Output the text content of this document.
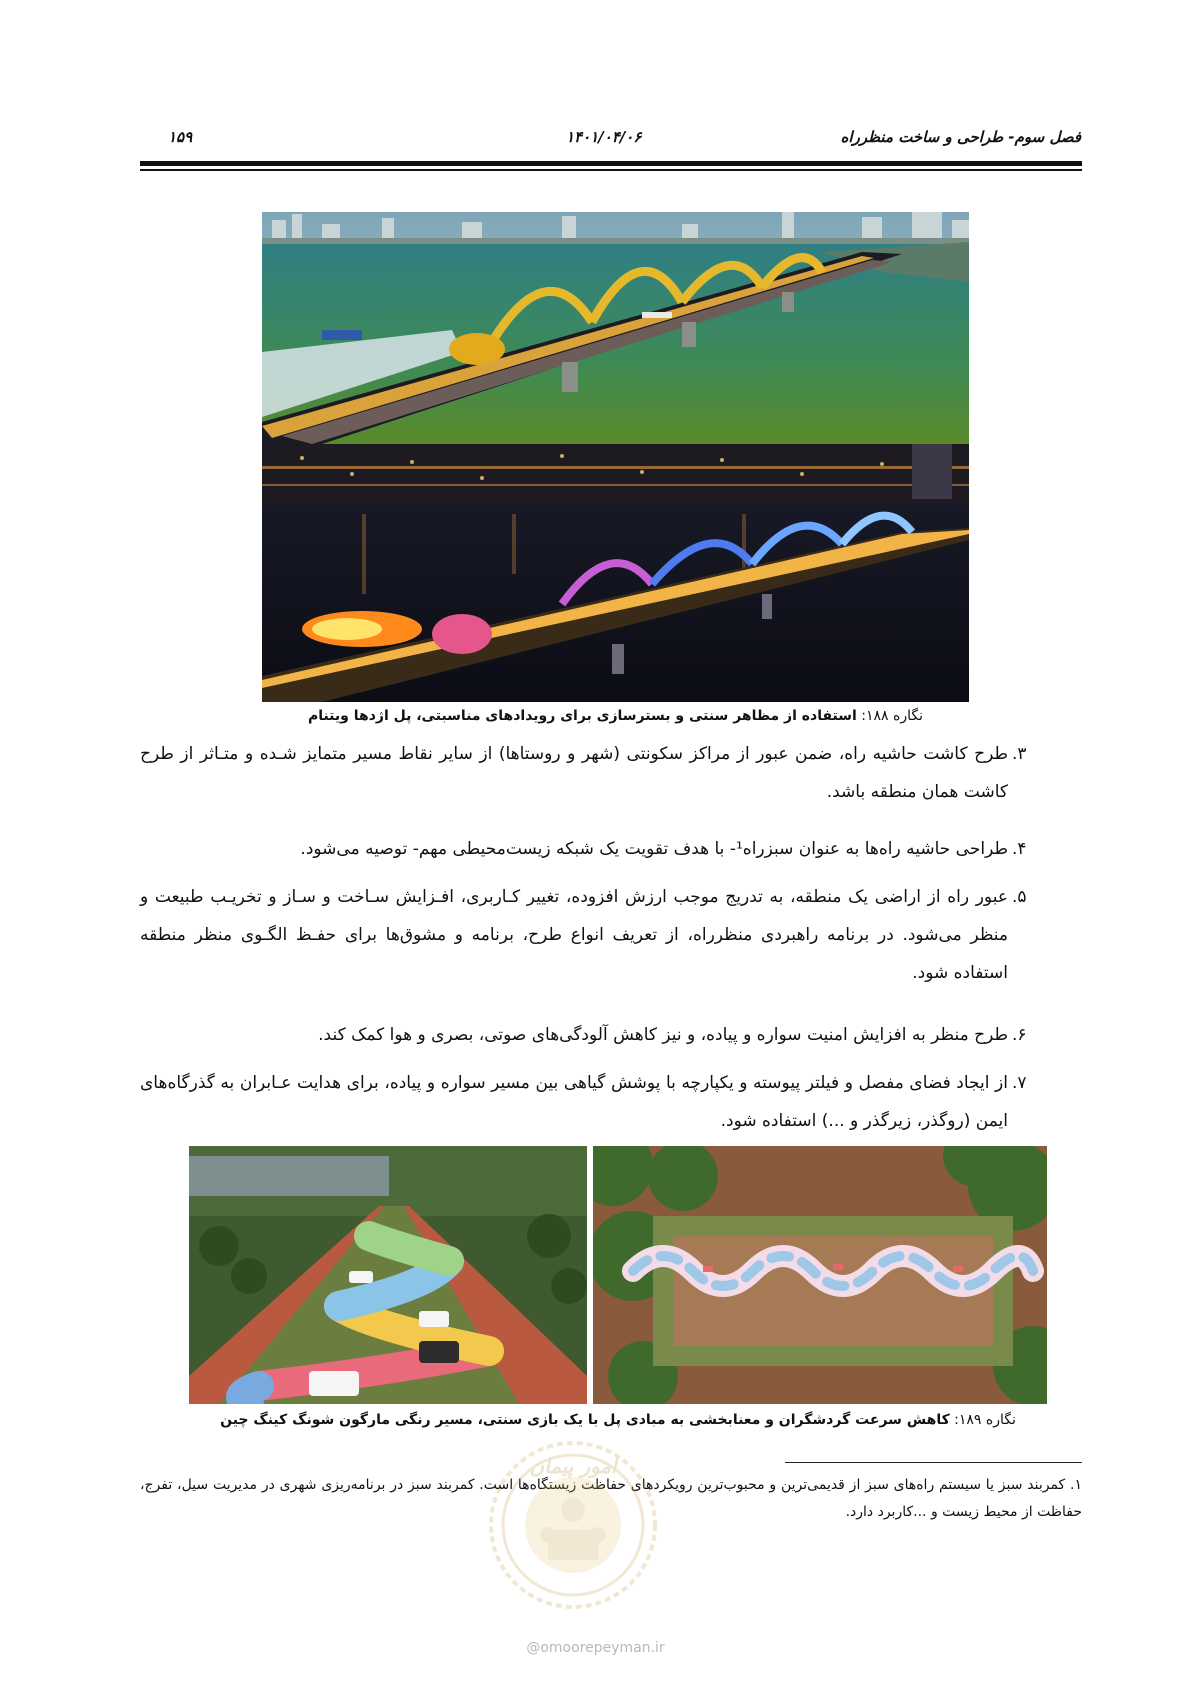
فصل سوم- طراحی و ساخت منظرراه
۱۴۰۱/۰۴/۰۶
۱۵۹
نگاره ۱۸۸: استفاده از مظاهر سنتی و بسترسازی برای رویدادهای مناسبتی، پل اژدها ویتنام
۳.
طرح کاشت حاشیه راه، ضمن عبور از مراکز سکونتی (شهر و روستاها) از سایر نقاط مسیر متمایز شـده و متـاثر از طرح کاشت همان منطقه باشد.
۴.
طراحی حاشیه راه‌ها به عنوان سبزراه¹- با هدف تقویت یک شبکه زیست‌محیطی مهم- توصیه می‌شود.
۵.
عبور راه از اراضی یک منطقه، به تدریج موجب ارزش افزوده، تغییر کـاربری، افـزایش سـاخت و سـاز و تخریـب طبیعت و منظر می‌شود. در برنامه راهبردی منظرراه، از تعریف انواع طرح، برنامه و مشوق‌ها برای حفـظ الگـوی منظر منطقه استفاده شود.
۶.
طرح منظر به افزایش امنیت سواره و پیاده، و نیز کاهش آلودگی‌های صوتی، بصری و هوا کمک کند.
۷.
از ایجاد فضای مفصل و فیلتر پیوسته و یکپارچه با پوشش گیاهی بین مسیر سواره و پیاده، برای هدایت عـابران به گذرگاه‌های ایمن (روگذر، زیرگذر و ...) استفاده شود.
نگاره ۱۸۹: کاهش سرعت گردشگران و معنابخشی به مبادی پل با یک بازی سنتی، مسیر رنگی مارگون شونگ کینگ چین
۱. کمربند سبز یا سیستم راه‌های سبز از قدیمی‌ترین و محبوب‌ترین رویکردهای حفاظت زیستگاه‌ها است. کمربند سبز در برنامه‌ریزی شهری در مدیریت سیل، تفرج، حفاظت از محیط زیست و ...کاربرد دارد.
امور پیمان
@omoorepeyman.ir
